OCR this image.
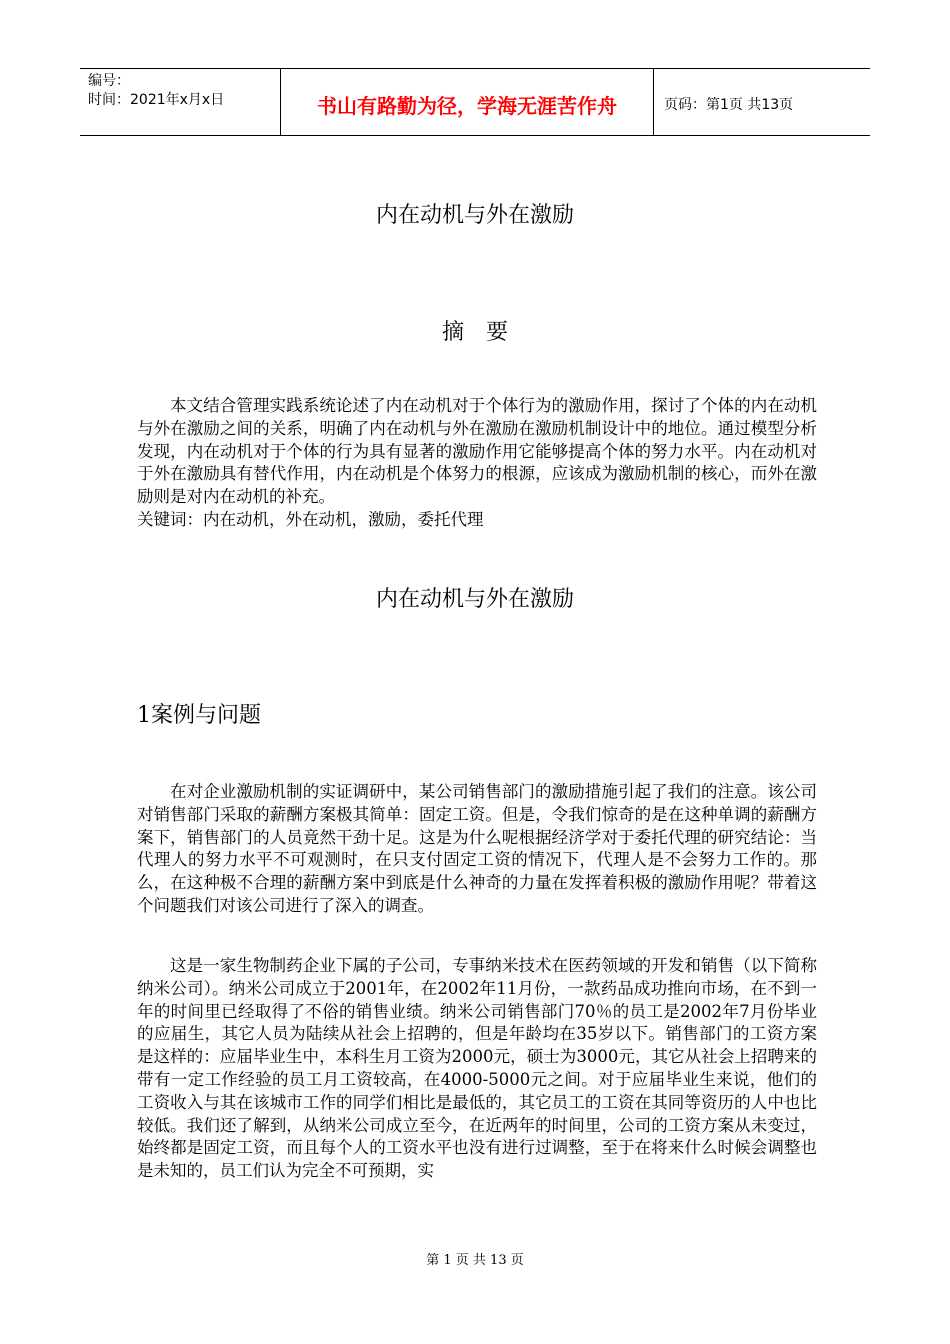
编号：
时间：2021年x月x日	书山有路勤为径，学海无涯苦作舟	页码：第1页 共13页
内在动机与外在激励
摘　要

本文结合管理实践系统论述了内在动机对于个体行为的激励作用，探讨了个体的内在动机与外在激励之间的关系，明确了内在动机与外在激励在激励机制设计中的地位。通过模型分析发现，内在动机对于个体的行为具有显著的激励作用它能够提高个体的努力水平。内在动机对于外在激励具有替代作用，内在动机是个体努力的根源，应该成为激励机制的核心，而外在激励则是对内在动机的补充。

关键词：内在动机，外在动机，激励，委托代理

内在动机与外在激励
1案例与问题

在对企业激励机制的实证调研中，某公司销售部门的激励措施引起了我们的注意。该公司对销售部门采取的薪酬方案极其简单：固定工资。但是，令我们惊奇的是在这种单调的薪酬方案下，销售部门的人员竟然干劲十足。这是为什么呢根据经济学对于委托代理的研究结论：当代理人的努力水平不可观测时，在只支付固定工资的情况下，代理人是不会努力工作的。那么，在这种极不合理的薪酬方案中到底是什么神奇的力量在发挥着积极的激励作用呢？带着这个问题我们对该公司进行了深入的调查。

这是一家生物制药企业下属的子公司，专事纳米技术在医药领域的开发和销售（以下简称纳米公司）。纳米公司成立于2001年，在2002年11月份，一款药品成功推向市场，在不到一年的时间里已经取得了不俗的销售业绩。纳米公司销售部门70％的员工是2002年7月份毕业的应届生，其它人员为陆续从社会上招聘的，但是年龄均在35岁以下。销售部门的工资方案是这样的：应届毕业生中，本科生月工资为2000元，硕士为3000元，其它从社会上招聘来的带有一定工作经验的员工月工资较高，在4000-5000元之间。对于应届毕业生来说，他们的工资收入与其在该城市工作的同学们相比是最低的，其它员工的工资在其同等资历的人中也比较低。我们还了解到，从纳米公司成立至今，在近两年的时间里，公司的工资方案从未变过，始终都是固定工资，而且每个人的工资水平也没有进行过调整，至于在将来什么时候会调整也是未知的，员工们认为完全不可预期，实

第 1 页 共 13 页
